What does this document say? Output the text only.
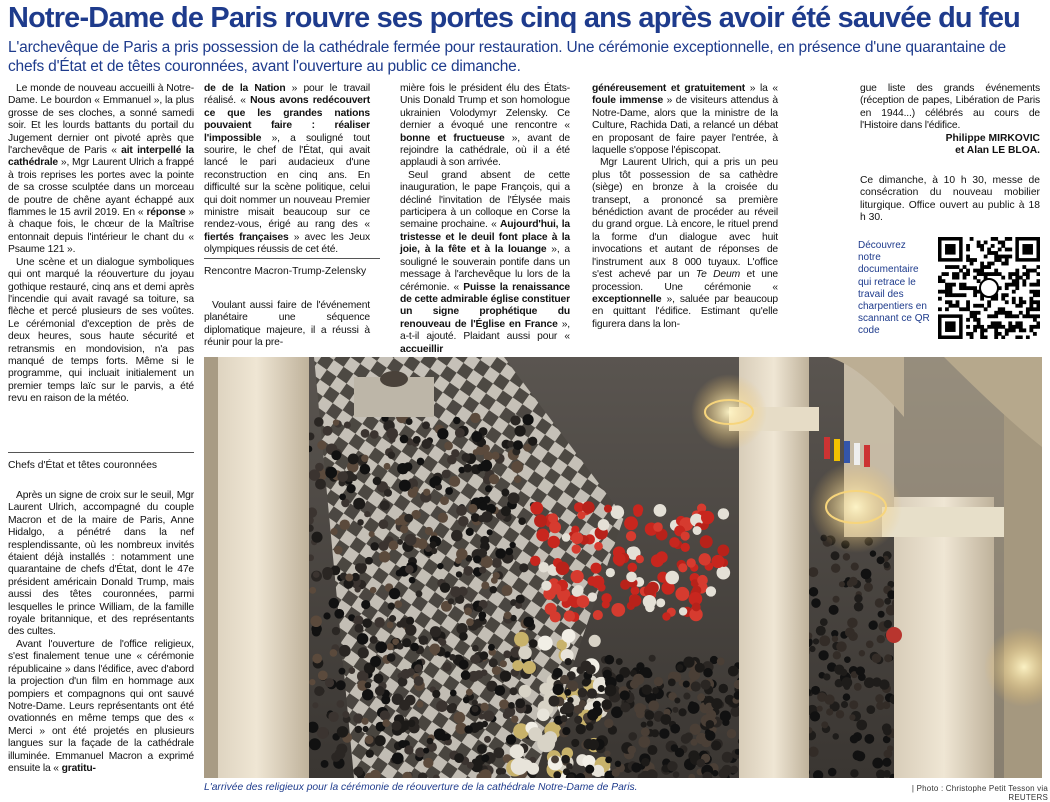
Notre-Dame de Paris rouvre ses portes cinq ans après avoir été sauvée du feu
L'archevêque de Paris a pris possession de la cathédrale fermée pour restauration. Une cérémonie exceptionnelle, en présence d'une quarantaine de chefs d'État et de têtes couronnées, avant l'ouverture au public ce dimanche.

Le monde de nouveau accueilli à Notre-Dame. Le bourdon « Emmanuel », la plus grosse de ses cloches, a sonné samedi soir. Et les lourds battants du portail du Jugement dernier ont pivoté après que l'archevêque de Paris « ait interpellé la cathédrale », Mgr Laurent Ulrich a frappé à trois reprises les portes avec la pointe de sa crosse sculptée dans un morceau de poutre de chêne ayant échappé aux flammes le 15 avril 2019. En « réponse » à chaque fois, le chœur de la Maîtrise entonnait depuis l'intérieur le chant du « Psaume 121 ».

Une scène et un dialogue symboliques qui ont marqué la réouverture du joyau gothique restauré, cinq ans et demi après l'incendie qui avait ravagé sa toiture, sa flèche et percé plusieurs de ses voûtes. Le cérémonial d'exception de près de deux heures, sous haute sécurité et retransmis en mondovision, n'a pas manqué de temps forts. Même si le programme, qui incluait initialement un premier temps laïc sur le parvis, a été revu en raison de la météo.

Chefs d'État et têtes couronnées

Après un signe de croix sur le seuil, Mgr Laurent Ulrich, accompagné du couple Macron et de la maire de Paris, Anne Hidalgo, a pénétré dans la nef resplendissante, où les nombreux invités étaient déjà installés : notamment une quarantaine de chefs d'État, dont le 47e président américain Donald Trump, mais aussi des têtes couronnées, parmi lesquelles le prince William, de la famille royale britannique, et des représentants des cultes.

Avant l'ouverture de l'office religieux, s'est finalement tenue une « cérémonie républicaine » dans l'édifice, avec d'abord la projection d'un film en hommage aux pompiers et compagnons qui ont sauvé Notre-Dame. Leurs représentants ont été ovationnés en même temps que des « Merci » ont été projetés en plusieurs langues sur la façade de la cathédrale illuminée. Emmanuel Macron a exprimé ensuite la « gratitu-

de de la Nation » pour le travail réalisé. « Nous avons redécouvert ce que les grandes nations pouvaient faire : réaliser l'impossible », a souligné tout sourire, le chef de l'État, qui avait lancé le pari audacieux d'une reconstruction en cinq ans. En difficulté sur la scène politique, celui qui doit nommer un nouveau Premier ministre misait beaucoup sur ce rendez-vous, érigé au rang des « fiertés françaises » avec les Jeux olympiques réussis de cet été.

Rencontre Macron-Trump-Zelensky

Voulant aussi faire de l'événement planétaire une séquence diplomatique majeure, il a réussi à réunir pour la pre-

mière fois le président élu des États-Unis Donald Trump et son homologue ukrainien Volodymyr Zelensky. Ce dernier a évoqué une rencontre « bonne et fructueuse », avant de rejoindre la cathédrale, où il a été applaudi à son arrivée.

Seul grand absent de cette inauguration, le pape François, qui a décliné l'invitation de l'Élysée mais participera à un colloque en Corse la semaine prochaine. « Aujourd'hui, la tristesse et le deuil font place à la joie, à la fête et à la louange », a souligné le souverain pontife dans un message à l'archevêque lu lors de la cérémonie. « Puisse la renaissance de cette admirable église constituer un signe prophétique du renouveau de l'Église en France », a-t-il ajouté. Plaidant aussi pour « accueillir

généreusement et gratuitement » la « foule immense » de visiteurs attendus à Notre-Dame, alors que la ministre de la Culture, Rachida Dati, a relancé un débat en proposant de faire payer l'entrée, à laquelle s'oppose l'épiscopat.

Mgr Laurent Ulrich, qui a pris un peu plus tôt possession de sa cathèdre (siège) en bronze à la croisée du transept, a prononcé sa première bénédiction avant de procéder au réveil du grand orgue. Là encore, le rituel prend la forme d'un dialogue avec huit invocations et autant de réponses de l'instrument aux 8 000 tuyaux. L'office s'est achevé par un Te Deum et une procession. Une cérémonie « exceptionnelle », saluée par beaucoup en quittant l'édifice. Estimant qu'elle figurera dans la lon-

gue liste des grands événements (réception de papes, Libération de Paris en 1944...) célébrés au cours de l'Histoire dans l'édifice.

Philippe MIRKOVIC
et Alan LE BLOA.
Ce dimanche, à 10 h 30, messe de consécration du nouveau mobilier liturgique. Office ouvert au public à 18 h 30.
Découvrez notre documentaire qui retrace le travail des charpentiers en scannant ce QR code
L'arrivée des religieux pour la cérémonie de réouverture de la cathédrale Notre-Dame de Paris.	| Photo : Christophe Petit Tesson via REUTERS
